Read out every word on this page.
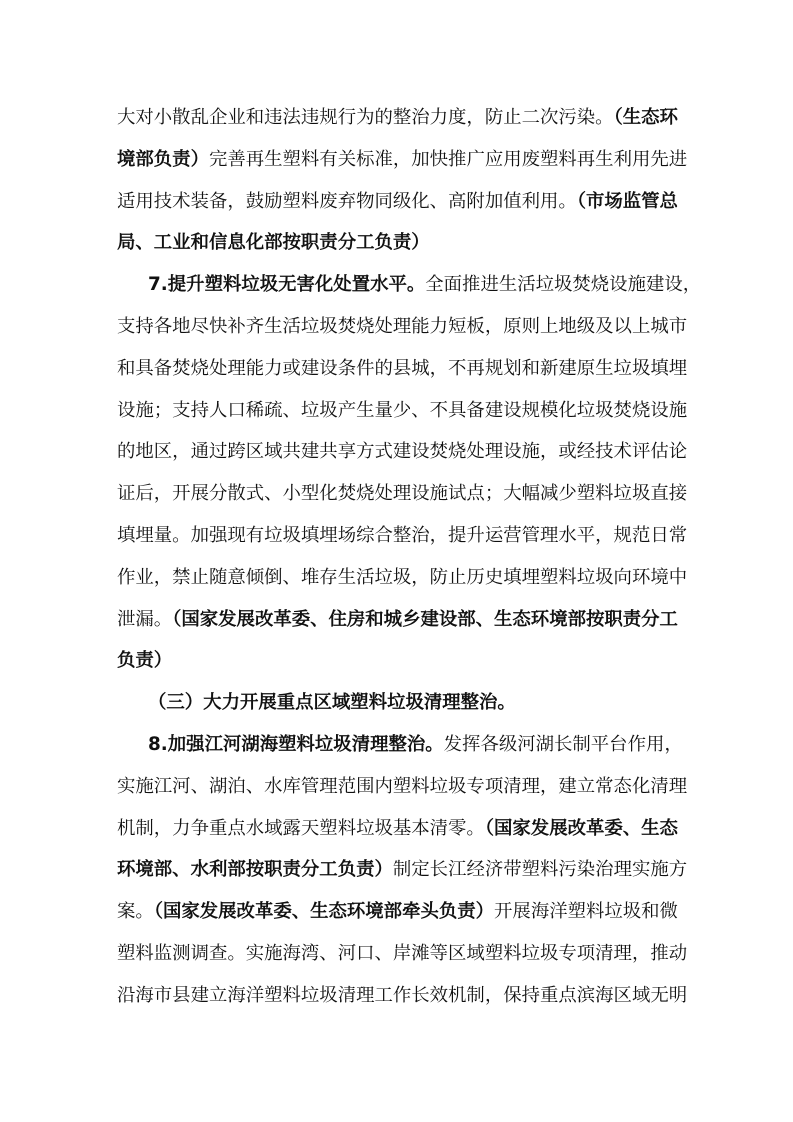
大对小散乱企业和违法违规行为的整治力度，防止二次污染。（生态环
境部负责）完善再生塑料有关标准，加快推广应用废塑料再生利用先进
适用技术装备，鼓励塑料废弃物同级化、高附加值利用。（市场监管总
局、工业和信息化部按职责分工负责）
7.提升塑料垃圾无害化处置水平。全面推进生活垃圾焚烧设施建设，
支持各地尽快补齐生活垃圾焚烧处理能力短板，原则上地级及以上城市
和具备焚烧处理能力或建设条件的县城，不再规划和新建原生垃圾填埋
设施；支持人口稀疏、垃圾产生量少、不具备建设规模化垃圾焚烧设施
的地区，通过跨区域共建共享方式建设焚烧处理设施，或经技术评估论
证后，开展分散式、小型化焚烧处理设施试点；大幅减少塑料垃圾直接
填埋量。加强现有垃圾填埋场综合整治，提升运营管理水平，规范日常
作业，禁止随意倾倒、堆存生活垃圾，防止历史填埋塑料垃圾向环境中
泄漏。（国家发展改革委、住房和城乡建设部、生态环境部按职责分工
负责）
（三）大力开展重点区域塑料垃圾清理整治。
8.加强江河湖海塑料垃圾清理整治。发挥各级河湖长制平台作用，
实施江河、湖泊、水库管理范围内塑料垃圾专项清理，建立常态化清理
机制，力争重点水域露天塑料垃圾基本清零。（国家发展改革委、生态
环境部、水利部按职责分工负责）制定长江经济带塑料污染治理实施方
案。（国家发展改革委、生态环境部牵头负责）开展海洋塑料垃圾和微
塑料监测调查。实施海湾、河口、岸滩等区域塑料垃圾专项清理，推动
沿海市县建立海洋塑料垃圾清理工作长效机制，保持重点滨海区域无明
